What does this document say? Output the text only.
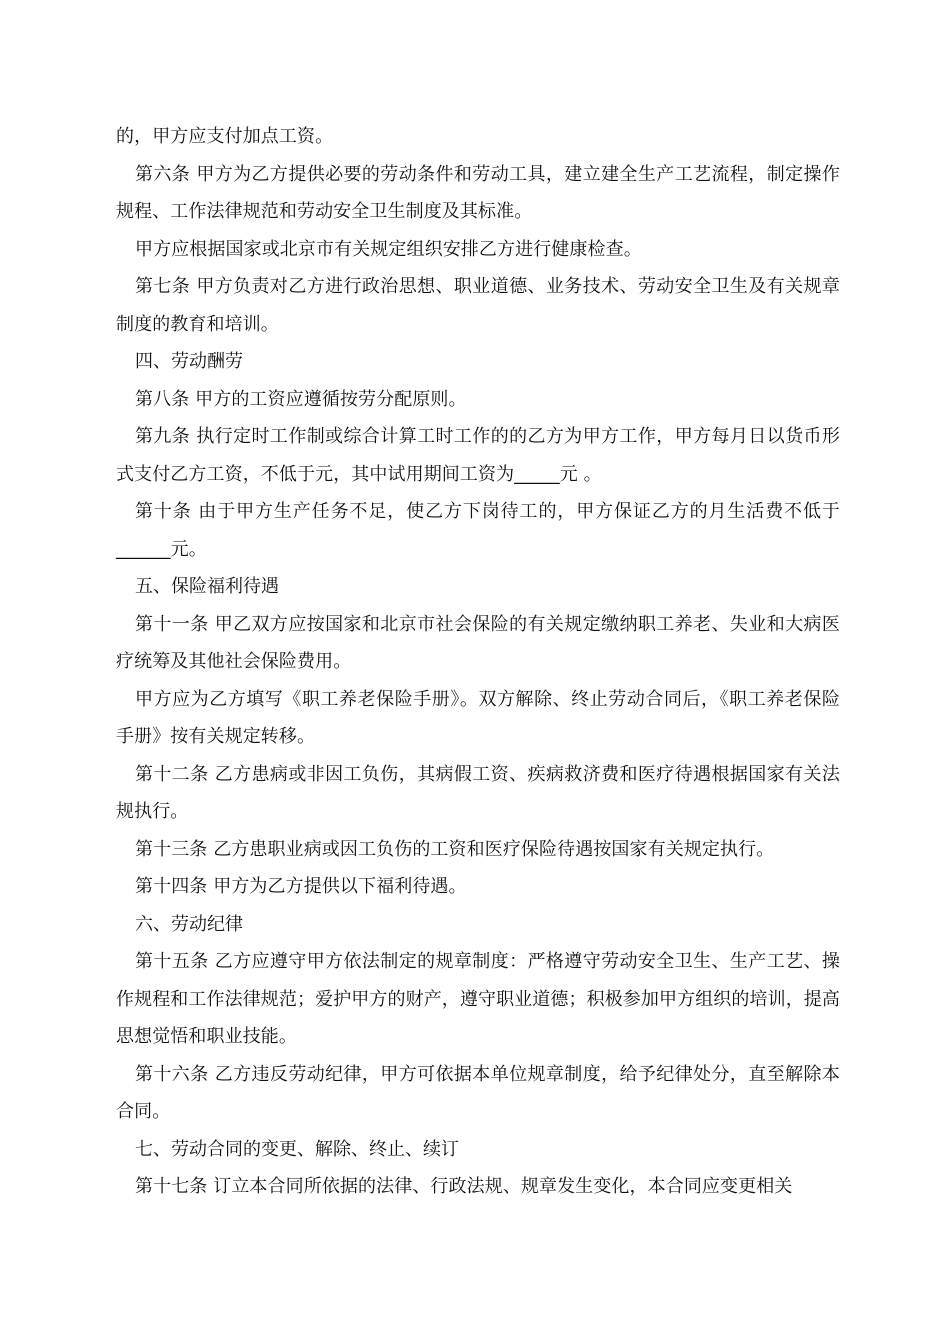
的，甲方应支付加点工资。

第六条 甲方为乙方提供必要的劳动条件和劳动工具，建立建全生产工艺流程，制定操作规程、工作法律规范和劳动安全卫生制度及其标准。

甲方应根据国家或北京市有关规定组织安排乙方进行健康检查。

第七条 甲方负责对乙方进行政治思想、职业道德、业务技术、劳动安全卫生及有关规章制度的教育和培训。

四、劳动酬劳

第八条 甲方的工资应遵循按劳分配原则。

第九条 执行定时工作制或综合计算工时工作的的乙方为甲方工作，甲方每月日以货币形式支付乙方工资，不低于元，其中试用期间工资为_____元 。

第十条 由于甲方生产任务不足，使乙方下岗待工的，甲方保证乙方的月生活费不低于______元。

五、保险福利待遇

第十一条 甲乙双方应按国家和北京市社会保险的有关规定缴纳职工养老、失业和大病医疗统筹及其他社会保险费用。

甲方应为乙方填写《职工养老保险手册》。双方解除、终止劳动合同后，《职工养老保险手册》按有关规定转移。

第十二条 乙方患病或非因工负伤，其病假工资、疾病救济费和医疗待遇根据国家有关法规执行。

第十三条 乙方患职业病或因工负伤的工资和医疗保险待遇按国家有关规定执行。

第十四条 甲方为乙方提供以下福利待遇。

六、劳动纪律

第十五条 乙方应遵守甲方依法制定的规章制度：严格遵守劳动安全卫生、生产工艺、操作规程和工作法律规范；爱护甲方的财产，遵守职业道德；积极参加甲方组织的培训，提高思想觉悟和职业技能。

第十六条 乙方违反劳动纪律，甲方可依据本单位规章制度，给予纪律处分，直至解除本合同。

七、劳动合同的变更、解除、终止、续订

第十七条 订立本合同所依据的法律、行政法规、规章发生变化，本合同应变更相关
